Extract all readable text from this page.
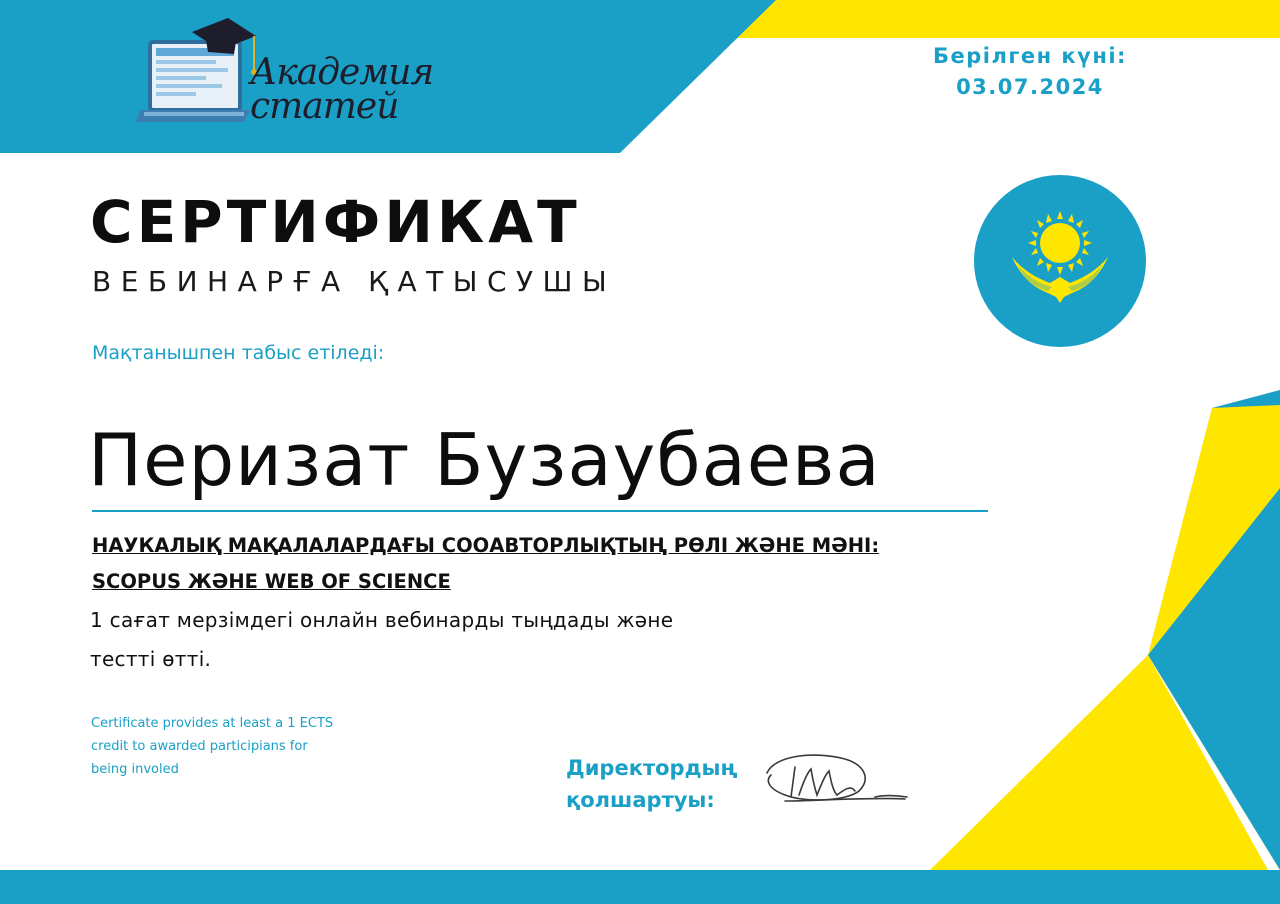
Академия
статей
Берілген күні:
03.07.2024
СЕРТИФИКАТ
ВЕБИНАРҒА ҚАТЫСУШЫ
Мақтанышпен табыс етіледі:
Перизат Бузаубаева
НАУКАЛЫҚ МАҚАЛАЛАРДАҒЫ СООАВТОРЛЫҚТЫҢ РӨЛІ ЖӘНЕ МӘНІ:
SCOPUS ЖӘНЕ WEB OF SCIENCE
1 сағат мерзімдегі онлайн вебинарды тыңдады және
тестті өтті.
Certificate provides at least a 1 ECTS
credit to awarded participians for
being involed	Директордың
қолшартуы:
